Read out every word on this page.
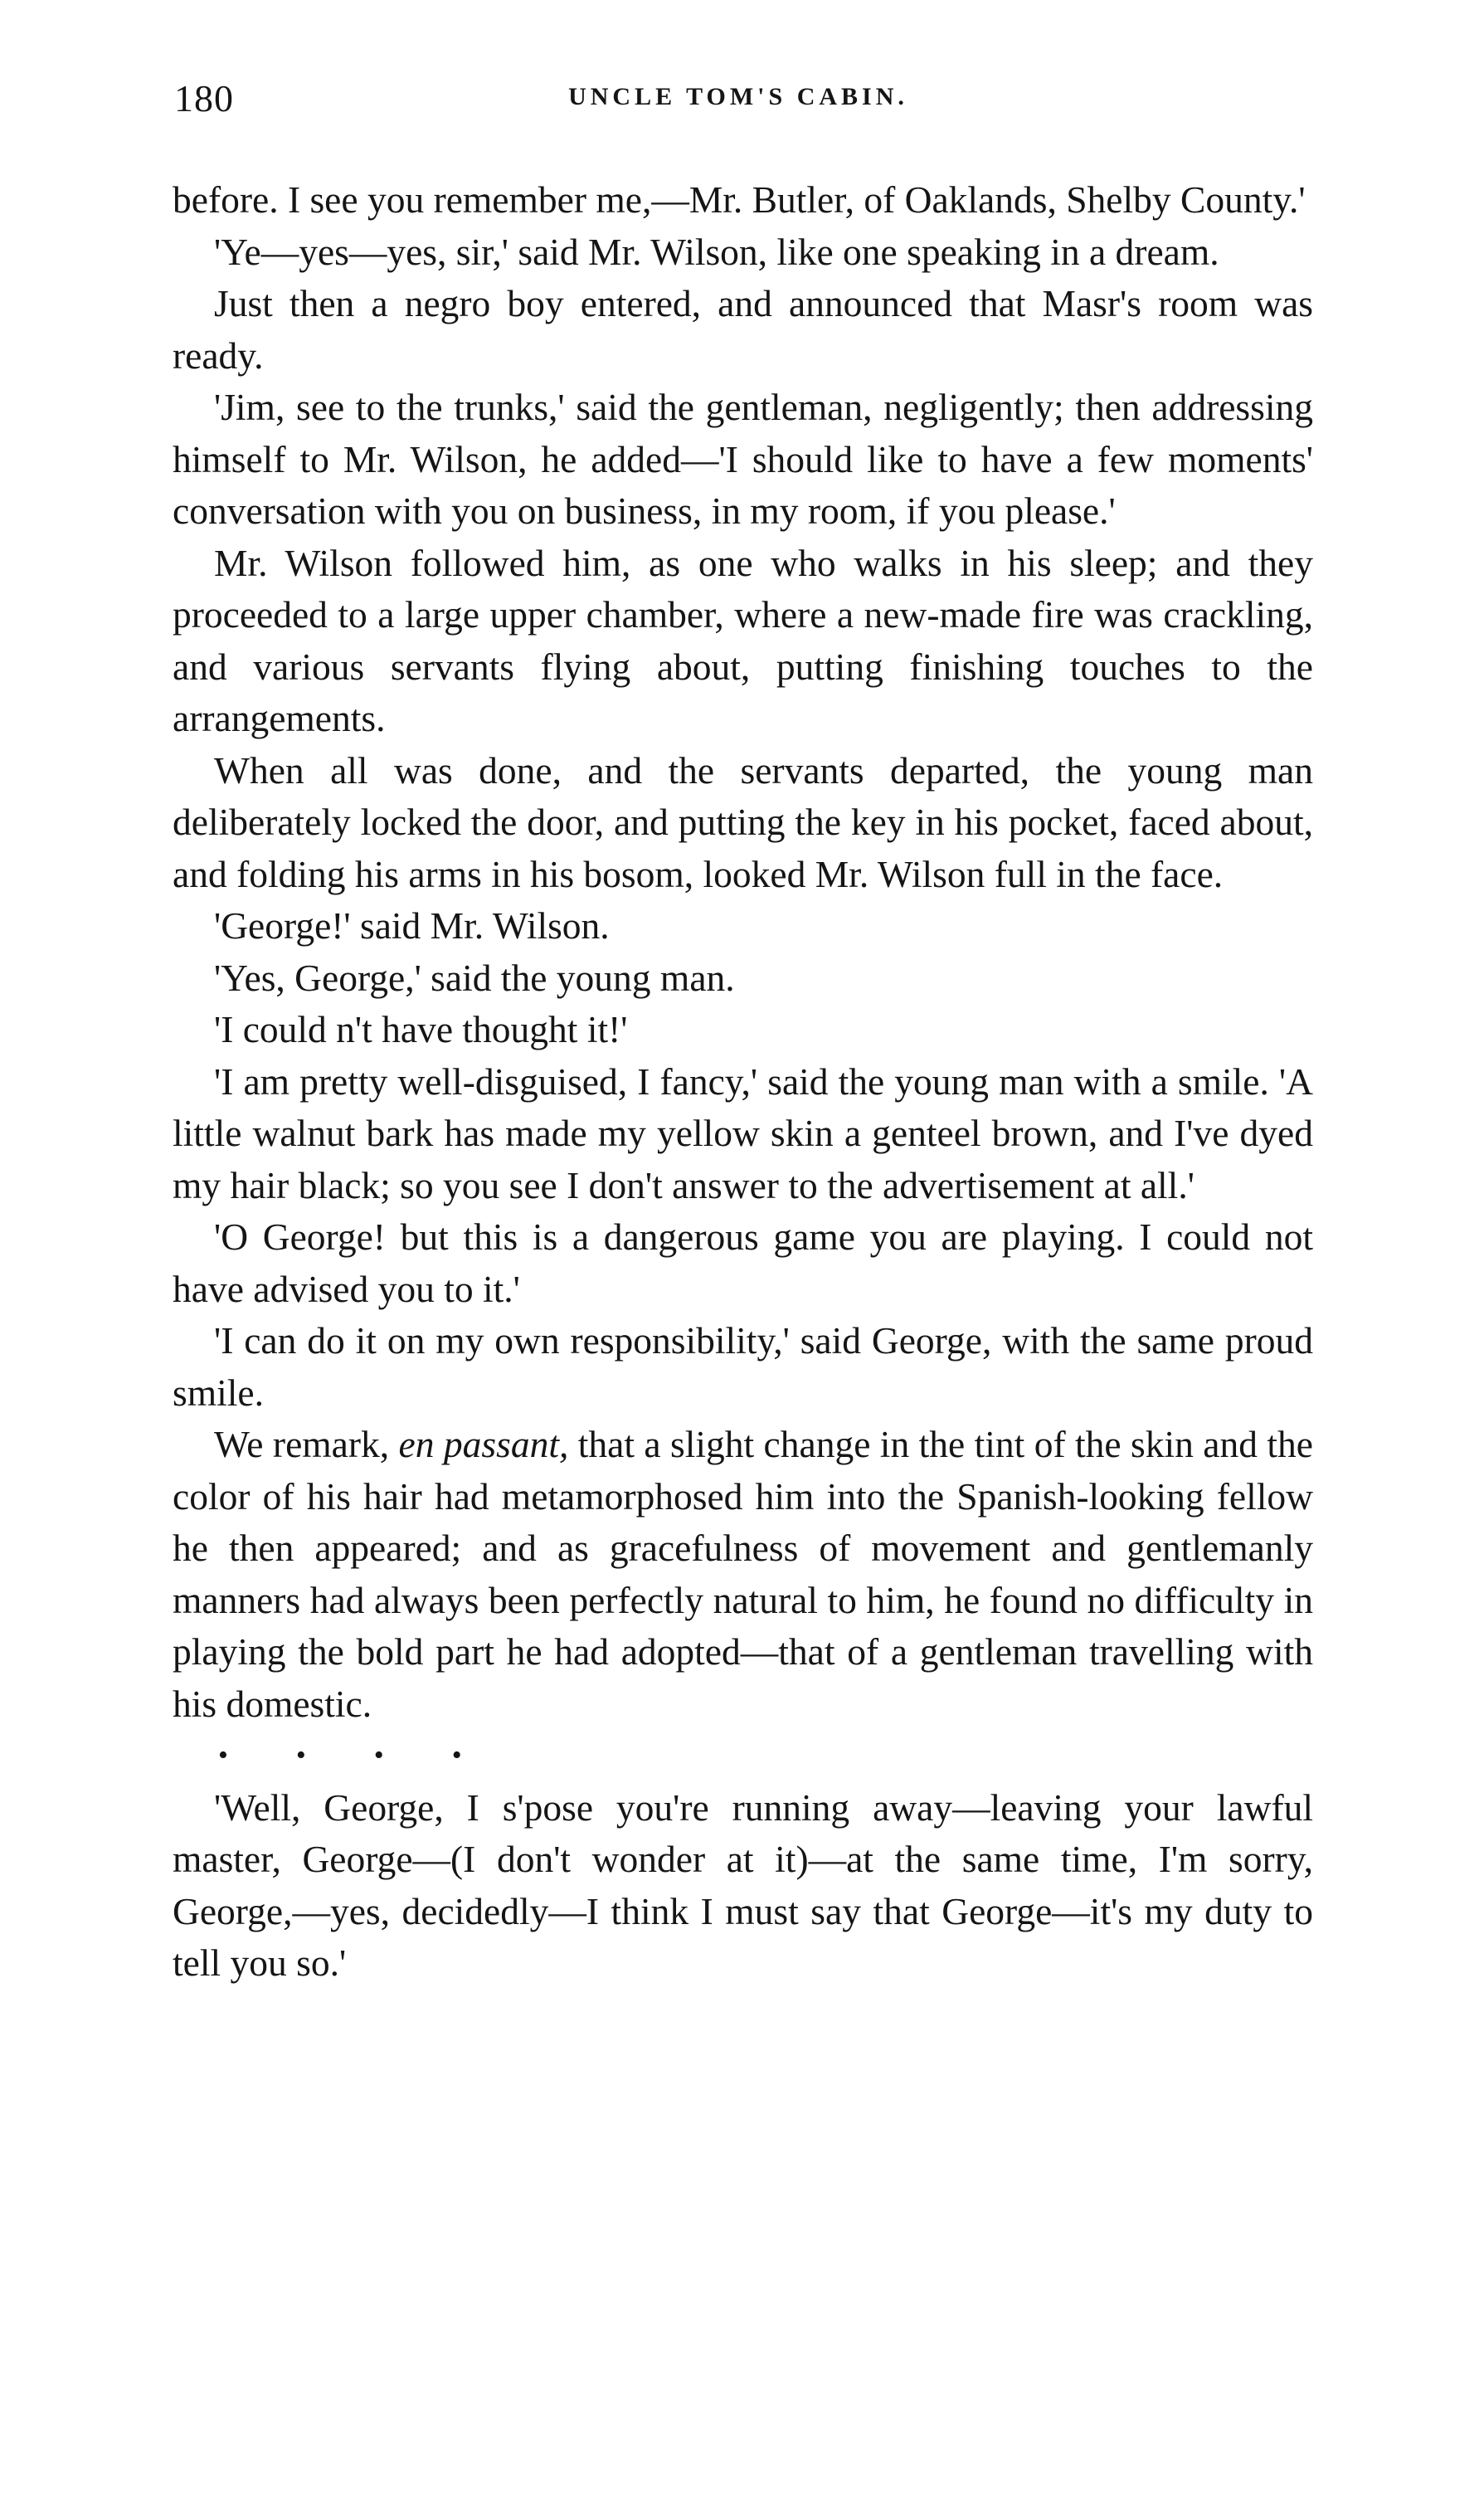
180	UNCLE TOM'S CABIN.

before. I see you remember me,—Mr. Butler, of Oaklands, Shelby County.'

'Ye—yes—yes, sir,' said Mr. Wilson, like one speaking in a dream.

Just then a negro boy entered, and announced that Masr's room was ready.

'Jim, see to the trunks,' said the gentleman, negligently; then addressing himself to Mr. Wilson, he added—'I should like to have a few moments' conversation with you on business, in my room, if you please.'

Mr. Wilson followed him, as one who walks in his sleep; and they proceeded to a large upper chamber, where a new-made fire was crackling, and various servants flying about, putting finishing touches to the arrangements.

When all was done, and the servants departed, the young man deliberately locked the door, and putting the key in his pocket, faced about, and folding his arms in his bosom, looked Mr. Wilson full in the face.

'George!' said Mr. Wilson.

'Yes, George,' said the young man.

'I could n't have thought it!'

'I am pretty well-disguised, I fancy,' said the young man with a smile. 'A little walnut bark has made my yellow skin a genteel brown, and I've dyed my hair black; so you see I don't answer to the advertisement at all.'

'O George! but this is a dangerous game you are playing. I could not have advised you to it.'

'I can do it on my own responsibility,' said George, with the same proud smile.

We remark, en passant, that a slight change in the tint of the skin and the color of his hair had metamorphosed him into the Spanish-looking fellow he then appeared; and as gracefulness of movement and gentlemanly manners had always been perfectly natural to him, he found no difficulty in playing the bold part he had adopted—that of a gentleman travelling with his domestic.

••••

'Well, George, I s'pose you're running away—leaving your lawful master, George—(I don't wonder at it)—at the same time, I'm sorry, George,—yes, decidedly—I think I must say that George—it's my duty to tell you so.'
